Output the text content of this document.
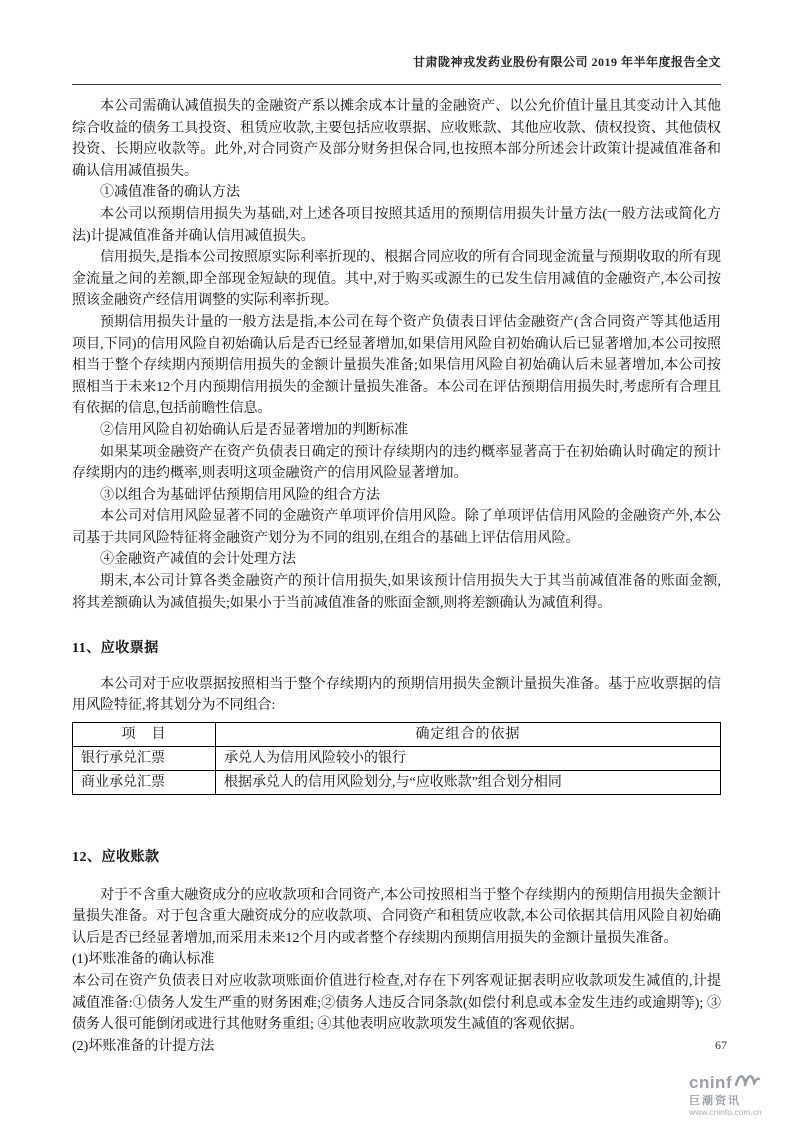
甘肃陇神戎发药业股份有限公司 2019 年半年度报告全文

本公司需确认减值损失的金融资产系以摊余成本计量的金融资产、以公允价值计量且其变动计入其他综合收益的债务工具投资、租赁应收款,主要包括应收票据、应收账款、其他应收款、债权投资、其他债权投资、长期应收款等。此外,对合同资产及部分财务担保合同,也按照本部分所述会计政策计提减值准备和确认信用减值损失。

①减值准备的确认方法

本公司以预期信用损失为基础,对上述各项目按照其适用的预期信用损失计量方法(一般方法或简化方法)计提减值准备并确认信用减值损失。

信用损失,是指本公司按照原实际利率折现的、根据合同应收的所有合同现金流量与预期收取的所有现金流量之间的差额,即全部现金短缺的现值。其中,对于购买或源生的已发生信用减值的金融资产,本公司按照该金融资产经信用调整的实际利率折现。

预期信用损失计量的一般方法是指,本公司在每个资产负债表日评估金融资产(含合同资产等其他适用项目,下同)的信用风险自初始确认后是否已经显著增加,如果信用风险自初始确认后已显著增加,本公司按照相当于整个存续期内预期信用损失的金额计量损失准备;如果信用风险自初始确认后未显著增加,本公司按照相当于未来12个月内预期信用损失的金额计量损失准备。本公司在评估预期信用损失时,考虑所有合理且有依据的信息,包括前瞻性信息。

②信用风险自初始确认后是否显著增加的判断标准

如果某项金融资产在资产负债表日确定的预计存续期内的违约概率显著高于在初始确认时确定的预计存续期内的违约概率,则表明这项金融资产的信用风险显著增加。

③以组合为基础评估预期信用风险的组合方法

本公司对信用风险显著不同的金融资产单项评价信用风险。除了单项评估信用风险的金融资产外,本公司基于共同风险特征将金融资产划分为不同的组别,在组合的基础上评估信用风险。

④金融资产减值的会计处理方法

期末,本公司计算各类金融资产的预计信用损失,如果该预计信用损失大于其当前减值准备的账面金额,将其差额确认为减值损失;如果小于当前减值准备的账面金额,则将差额确认为减值利得。

11、应收票据

本公司对于应收票据按照相当于整个存续期内的预期信用损失金额计量损失准备。基于应收票据的信用风险特征,将其划分为不同组合:

项　目	确定组合的依据
银行承兑汇票	承兑人为信用风险较小的银行
商业承兑汇票	根据承兑人的信用风险划分,与“应收账款”组合划分相同
12、应收账款

对于不含重大融资成分的应收款项和合同资产,本公司按照相当于整个存续期内的预期信用损失金额计量损失准备。对于包含重大融资成分的应收款项、合同资产和租赁应收款,本公司依据其信用风险自初始确认后是否已经显著增加,而采用未来12个月内或者整个存续期内预期信用损失的金额计量损失准备。

(1)坏账准备的确认标准

本公司在资产负债表日对应收款项账面价值进行检查,对存在下列客观证据表明应收款项发生减值的,计提减值准备:①债务人发生严重的财务困难;②债务人违反合同条款(如偿付利息或本金发生违约或逾期等); ③债务人很可能倒闭或进行其他财务重组; ④其他表明应收款项发生减值的客观依据。

(2)坏账准备的计提方法	67
cninf
巨潮资讯
www.cninfo.com.cn
